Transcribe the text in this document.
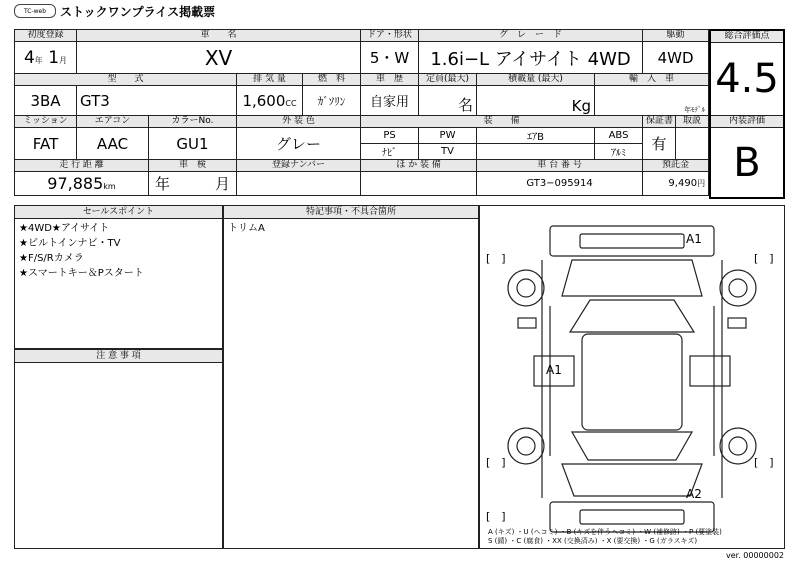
TC-web	ストックワンプライス掲載票
初度登録	車　　名				ドア・形状	グ　レ　ー　ド			駆動	
4年 1月	XV				5・W	1.6i−L アイサイト 4WD			4WD	
型　　式			排 気 量	燃　料	車　歴	定員(最大)	積載量 (最大)	輸　入　車		
3BA	GT3		1,600CC	ｶﾞｿﾘﾝ	自家用	名	Kg	年ﾓﾃﾞﾙ		
ミッション	エアコン	カラーNo.	外 装 色		装　　備				保証書	取説
FAT	AAC	GU1	グレー		PS	PW	ｴｱB	ABS	有	
					ﾅﾋﾞ	TV		ｱﾙﾐ		
走 行 距 離		車　検	登録ナンバー		ほ か 装 備		車 台 番 号		預託金	
97,885km		年　　　 月					GT3−095914		9,490円	
総合評価点
4.5
内装評価
B
セールスポイント
★4WD★アイサイト
★ビルトインナビ・TV
★F/S/Rカメラ
★スマートキー＆Pスタート
注 意 事 項
特記事項・不具合箇所
トリムA
[　]	[　]
[　]	[　]
[　]
A1
A1
A2
A (キズ) ・U (ヘコミ) ・B (キズを伴うヘコミ) ・W (補修跡) ・P (要塗装)
S (錆) ・C (腐食) ・XX (交換済み) ・X (要交換) ・G (ガラスキズ)
ver. 00000002
